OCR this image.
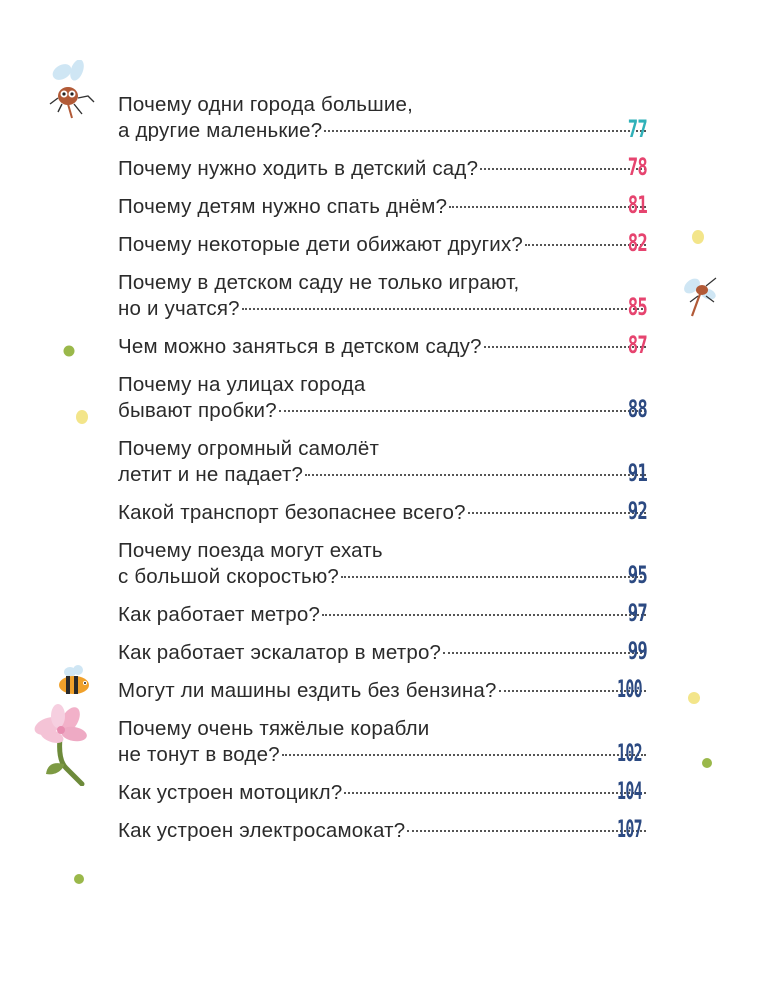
Почему одни города большие,
а другие маленькие?	77
Почему нужно ходить в детский сад?	78
Почему детям нужно спать днём?	81
Почему некоторые дети обижают других?	82
Почему в детском саду не только играют,
но и учатся?	85
Чем можно заняться в детском саду?	87
Почему на улицах города
бывают пробки?	88
Почему огромный самолёт
летит и не падает?	91
Какой транспорт безопаснее всего?	92
Почему поезда могут ехать
с большой скоростью?	95
Как работает метро?	97
Как работает эскалатор в метро?	99
Могут ли машины ездить без бензина?	100
Почему очень тяжёлые корабли
не тонут в воде?	102
Как устроен мотоцикл?	104
Как устроен электросамокат?	107
